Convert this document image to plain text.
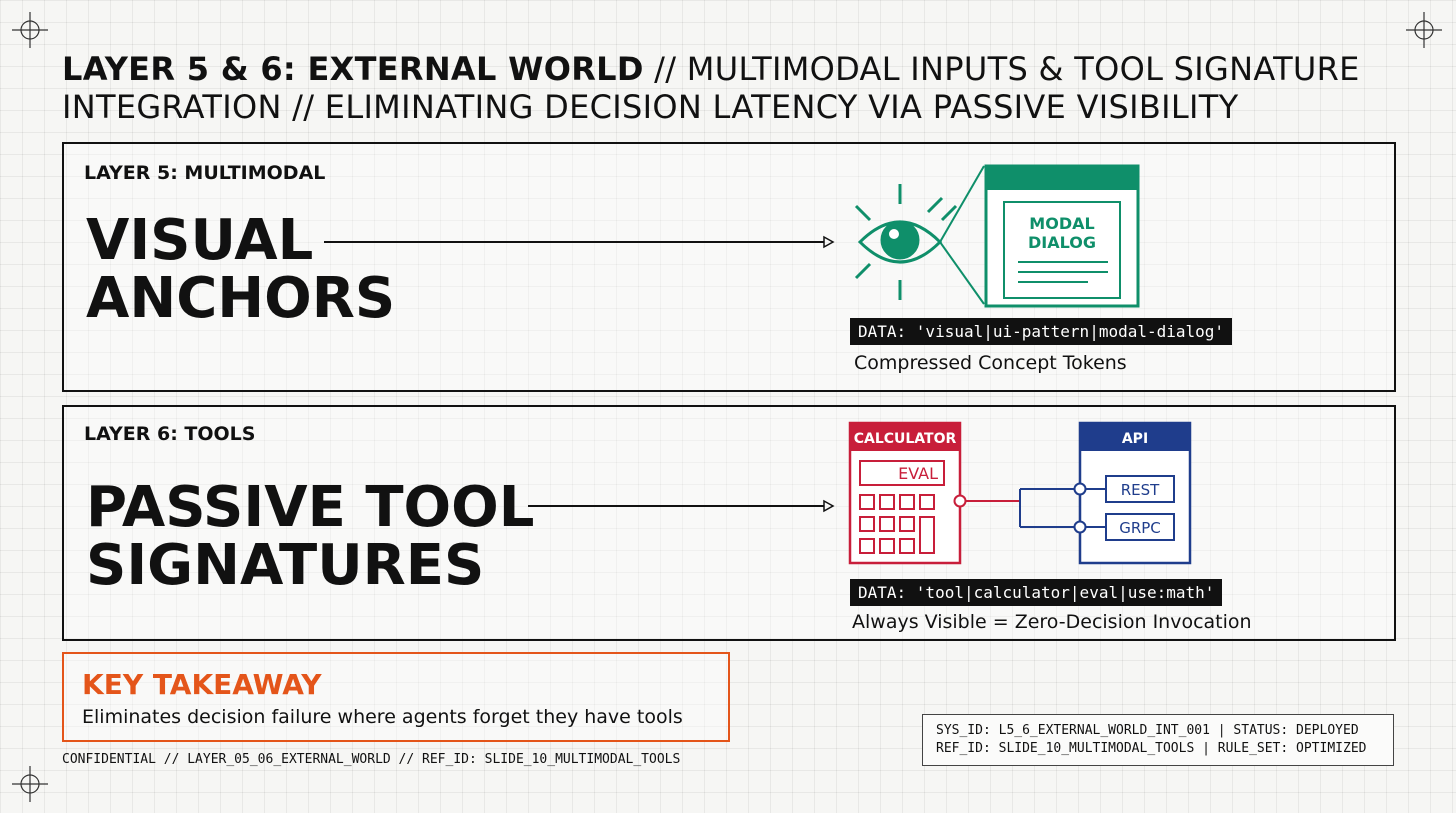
LAYER 5 & 6: EXTERNAL WORLD // MULTIMODAL INPUTS & TOOL SIGNATURE
INTEGRATION // ELIMINATING DECISION LATENCY VIA PASSIVE VISIBILITY
LAYER 5: MULTIMODAL
VISUAL
ANCHORS
MODAL
DIALOG
DATA: 'visual|ui-pattern|modal-dialog'
Compressed Concept Tokens
LAYER 6: TOOLS
PASSIVE TOOL
SIGNATURES
CALCULATOR
EVAL
API
REST
GRPC
DATA: 'tool|calculator|eval|use:math'
Always Visible = Zero-Decision Invocation
KEY TAKEAWAY
Eliminates decision failure where agents forget they have tools
CONFIDENTIAL // LAYER_05_06_EXTERNAL_WORLD // REF_ID: SLIDE_10_MULTIMODAL_TOOLS
SYS_ID: L5_6_EXTERNAL_WORLD_INT_001 | STATUS: DEPLOYED
REF_ID: SLIDE_10_MULTIMODAL_TOOLS | RULE_SET: OPTIMIZED
